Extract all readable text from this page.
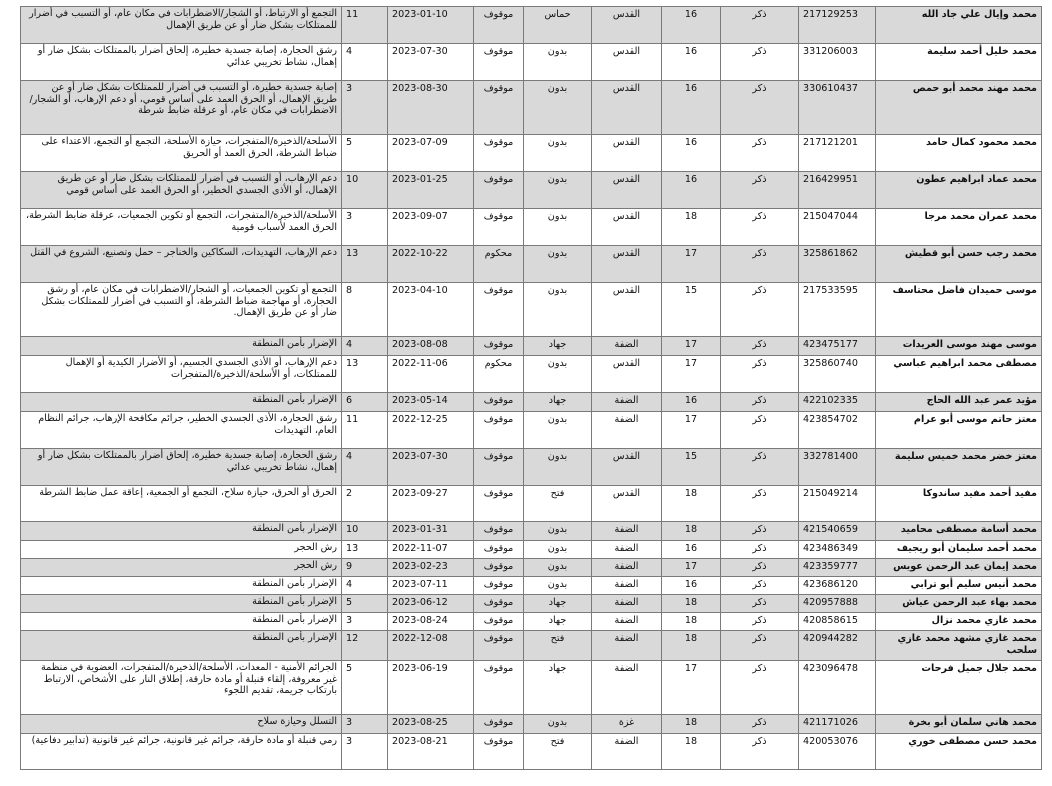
محمد وإيال علي جاد الله	217129253	ذكر	16	القدس	حماس	موقوف	2023-01-10	11	التجمع أو الارتباط، أو الشجار/الاضطرابات في مكان عام، أو التسبب في أضرار للممتلكات بشكل ضار أو عن طريق الإهمال
محمد خليل أحمد سليمة	331206003	ذكر	16	القدس	بدون	موقوف	2023-07-30	4	رشق الحجارة، إصابة جسدية خطيرة، إلحاق أضرار بالممتلكات بشكل ضار أو إهمال، نشاط تخريبي عدائي
محمد مهند محمد أبو حمص	330610437	ذكر	16	القدس	بدون	موقوف	2023-08-30	3	إصابة جسدية خطيرة، أو التسبب في أضرار للممتلكات بشكل ضار أو عن طريق الإهمال، أو الحرق العمد على أساس قومي، أو دعم الإرهاب، أو الشجار/الاضطرابات في مكان عام، أو عرقلة ضابط شرطة
محمد محمود كمال حامد	217121201	ذكر	16	القدس	بدون	موقوف	2023-07-09	5	الأسلحة/الذخيرة/المتفجرات، حيازة الأسلحة، التجمع أو التجمع، الاعتداء على ضباط الشرطة، الحرق العمد أو الحريق
محمد عماد ابراهيم عطون	216429951	ذكر	16	القدس	بدون	موقوف	2023-01-25	10	دعم الإرهاب، أو التسبب في أضرار للممتلكات بشكل ضار أو عن طريق الإهمال، أو الأذى الجسدي الخطير، أو الحرق العمد على أساس قومي
محمد عمران محمد مرجا	215047044	ذكر	18	القدس	بدون	موقوف	2023-09-07	3	الأسلحة/الذخيرة/المتفجرات، التجمع أو تكوين الجمعيات، عرقلة ضابط الشرطة، الحرق العمد لأسباب قومية
محمد رجب حسن أبو قطيش	325861862	ذكر	17	القدس	بدون	محكوم	2022-10-22	13	دعم الإرهاب، التهديدات، السكاكين والخناجر – حمل وتصنيع، الشروع في القتل
موسى حميدان فاضل محتاسف	217533595	ذكر	15	القدس	بدون	موقوف	2023-04-10	8	التجمع أو تكوين الجمعيات، أو الشجار/الاضطرابات في مكان عام، أو رشق الحجارة، أو مهاجمة ضباط الشرطة، أو التسبب في أضرار للممتلكات بشكل ضار أو عن طريق الإهمال.
موسى مهند موسى العريدات	423475177	ذكر	17	الضفة	جهاد	موقوف	2023-08-08	4	الإضرار بأمن المنطقة
مصطفى محمد ابراهيم عباسي	325860740	ذكر	17	القدس	بدون	محكوم	2022-11-06	13	دعم الإرهاب، أو الأذى الجسدي الجسيم، أو الأضرار الكيدية أو الإهمال للممتلكات، أو الأسلحة/الذخيرة/المتفجرات
مؤيد عمر عبد الله الحاج	422102335	ذكر	16	الضفة	جهاد	موقوف	2023-05-14	6	الإضرار بأمن المنطقة
معتز حاتم موسى أبو عرام	423854702	ذكر	17	الضفة	بدون	موقوف	2022-12-25	11	رشق الحجارة، الأذى الجسدي الخطير، جرائم مكافحة الإرهاب، جرائم النظام العام، التهديدات
معتز خضر محمد خميس سليمة	332781400	ذكر	15	القدس	بدون	موقوف	2023-07-30	4	رشق الحجارة، إصابة جسدية خطيرة، إلحاق أضرار بالممتلكات بشكل ضار أو إهمال، نشاط تخريبي عدائي
مفيد أحمد مفيد ساندوكا	215049214	ذكر	18	القدس	فتح	موقوف	2023-09-27	2	الحرق أو الحرق، حيازة سلاح، التجمع أو الجمعية، إعاقة عمل ضابط الشرطة
محمد أسامة مصطفى محاميد	421540659	ذكر	18	الضفة	بدون	موقوف	2023-01-31	10	الإضرار بأمن المنطقة
محمد أحمد سليمان أبو ريجيف	423486349	ذكر	16	الضفة	بدون	موقوف	2022-11-07	13	رش الحجر
محمد إيمان عبد الرحمن عويس	423359777	ذكر	17	الضفة	بدون	موقوف	2023-02-23	9	رش الحجر
محمد أنيس سليم أبو ترابي	423686120	ذكر	16	الضفة	بدون	موقوف	2023-07-11	4	الإضرار بأمن المنطقة
محمد بهاء عبد الرحمن عياش	420957888	ذكر	18	الضفة	جهاد	موقوف	2023-06-12	5	الإضرار بأمن المنطقة
محمد غازي محمد نزال	420858615	ذكر	18	الضفة	جهاد	موقوف	2023-08-24	3	الإضرار بأمن المنطقة
محمد غازي مشهد محمد غازي سلحب	420944282	ذكر	18	الضفة	فتح	موقوف	2022-12-08	12	الإضرار بأمن المنطقة
محمد جلال جميل فرحات	423096478	ذكر	17	الضفة	جهاد	موقوف	2023-06-19	5	الجرائم الأمنية - المعدات، الأسلحة/الذخيرة/المتفجرات، العضوية في منظمة غير معروفة، إلقاء قنبلة أو مادة حارقة، إطلاق النار على الأشخاص، الارتباط بارتكاب جريمة، تقديم اللجوء
محمد هاني سلمان أبو بخرة	421171026	ذكر	18	غزة	بدون	موقوف	2023-08-25	3	التسلل وحيازة سلاح
محمد حسن مصطفى خوري	420053076	ذكر	18	الضفة	فتح	موقوف	2023-08-21	3	رمي قنبلة أو مادة حارقة، جرائم غير قانونية، جرائم غير قانونية (تدابير دفاعية)
